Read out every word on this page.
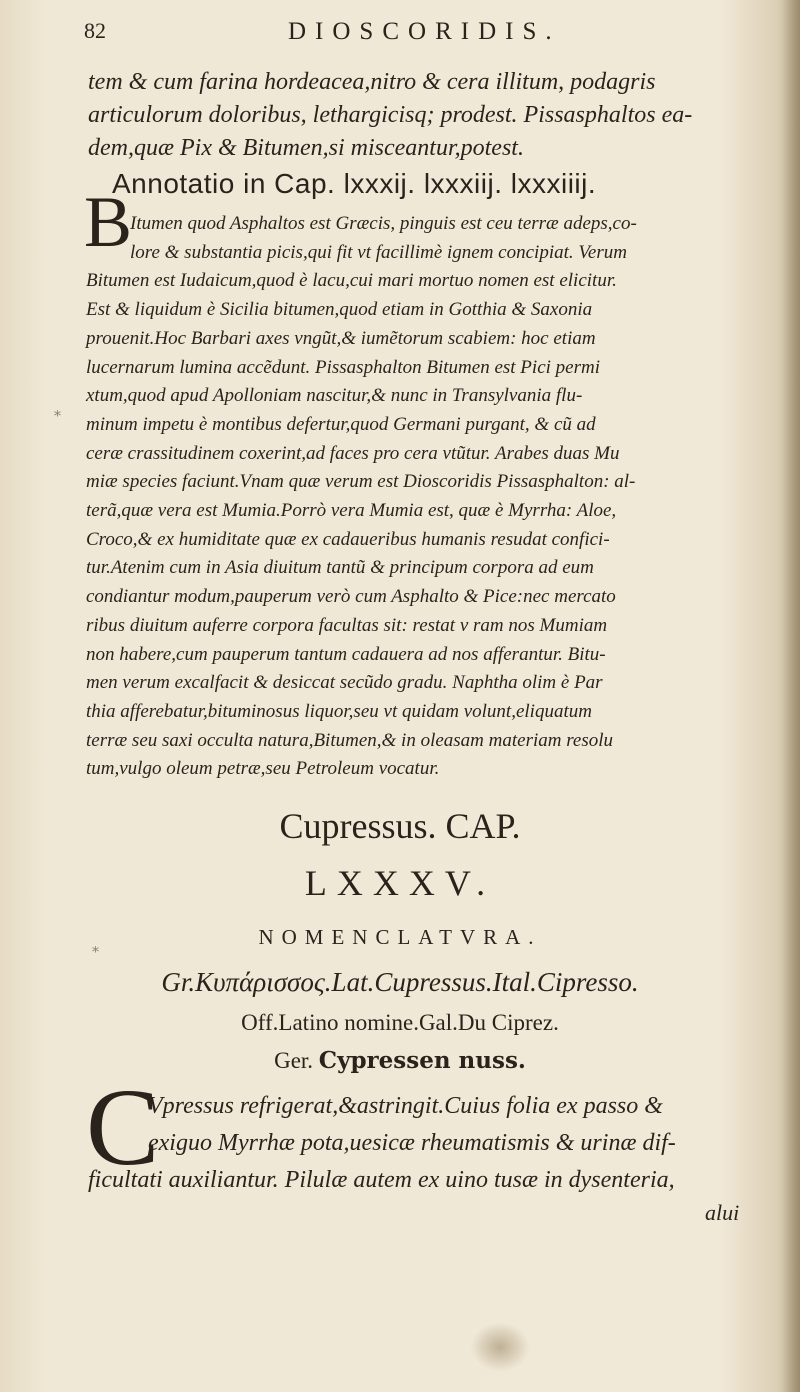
82	DIOSCORIDIS.
tem & cum farina hordeacea,nitro & cera illitum, podagris
articulorum doloribus, lethargicisq; prodest. Pissasphaltos ea-
dem,quæ Pix & Bitumen,si misceantur,potest.
Annotatio in Cap. lxxxij. lxxxiij. lxxxiiij.
B
Itumen quod Asphaltos est Græcis, pinguis est ceu terræ adeps,co-
lore & substantia picis,qui fit vt facillimè ignem concipiat. Verum
Bitumen est Iudaicum,quod è lacu,cui mari mortuo nomen est elicitur.
Est & liquidum è Sicilia bitumen,quod etiam in Gotthia & Saxonia
prouenit.Hoc Barbari axes vngũt,& iumẽtorum scabiem: hoc etiam
lucernarum lumina accẽdunt. Pissasphalton Bitumen est Pici permi
xtum,quod apud Apolloniam nascitur,& nunc in Transylvania flu-
minum impetu è montibus defertur,quod Germani purgant, & cũ ad
ceræ crassitudinem coxerint,ad faces pro cera vtũtur. Arabes duas Mu
miæ species faciunt.Vnam quæ verum est Dioscoridis Pissasphalton: al-
terã,quæ vera est Mumia.Porrò vera Mumia est, quæ è Myrrha: Aloe,
Croco,& ex humiditate quæ ex cadaueribus humanis resudat confici-
tur.Atenim cum in Asia diuitum tantũ & principum corpora ad eum
condiantur modum,pauperum verò cum Asphalto & Pice:nec mercato
ribus diuitum auferre corpora facultas sit: restat v ram nos Mumiam
non habere,cum pauperum tantum cadauera ad nos afferantur. Bitu-
men verum excalfacit & desiccat secũdo gradu. Naphtha olim è Par
thia afferebatur,bituminosus liquor,seu vt quidam volunt,eliquatum
terræ seu saxi occulta natura,Bitumen,& in oleasam materiam resolu
tum,vulgo oleum petræ,seu Petroleum vocatur.
Cupressus. CAP.
LXXXV.
NOMENCLATVRA.
Gr.Κυπάρισσος.Lat.Cupressus.Ital.Cipresso.
Off.Latino nomine.Gal.Du Ciprez.
Ger. Cypressen nuss.
C
Vpressus refrigerat,&astringit.Cuius folia ex passo &
exiguo Myrrhæ pota,uesicæ rheumatismis & urinæ dif-
ficultati auxiliantur. Pilulæ autem ex uino tusæ in dysenteria,
alui
⁎
⁎
